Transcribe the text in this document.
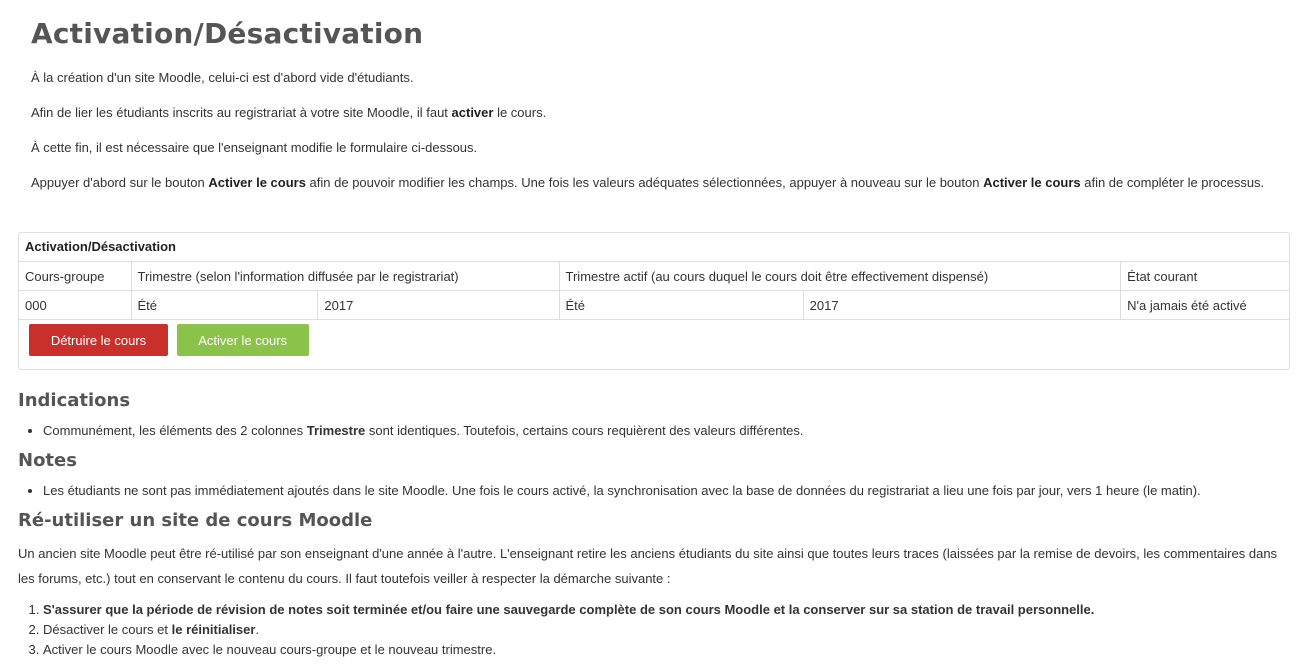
Activation/Désactivation
À la création d'un site Moodle, celui-ci est d'abord vide d'étudiants.
Afin de lier les étudiants inscrits au registrariat à votre site Moodle, il faut activer le cours.
À cette fin, il est nécessaire que l'enseignant modifie le formulaire ci-dessous.
Appuyer d'abord sur le bouton Activer le cours afin de pouvoir modifier les champs. Une fois les valeurs adéquates sélectionnées, appuyer à nouveau sur le bouton Activer le cours afin de compléter le processus.
Activation/Désactivation
Cours-groupe	Trimestre (selon l'information diffusée par le registrariat)		Trimestre actif (au cours duquel le cours doit être effectivement dispensé)		État courant
000	Été	2017	Été	2017	N'a jamais été activé
Détruire le cours	Activer le cours
Indications
• Communément, les éléments des 2 colonnes Trimestre sont identiques. Toutefois, certains cours requièrent des valeurs différentes.
Notes
• Les étudiants ne sont pas immédiatement ajoutés dans le site Moodle. Une fois le cours activé, la synchronisation avec la base de données du registrariat a lieu une fois par jour, vers 1 heure (le matin).
Ré-utiliser un site de cours Moodle
Un ancien site Moodle peut être ré-utilisé par son enseignant d'une année à l'autre. L'enseignant retire les anciens étudiants du site ainsi que toutes leurs traces (laissées par la remise de devoirs, les commentaires dans les forums, etc.) tout en conservant le contenu du cours. Il faut toutefois veiller à respecter la démarche suivante :
1. S'assurer que la période de révision de notes soit terminée et/ou faire une sauvegarde complète de son cours Moodle et la conserver sur sa station de travail personnelle.
2. Désactiver le cours et le réinitialiser.
3. Activer le cours Moodle avec le nouveau cours-groupe et le nouveau trimestre.
